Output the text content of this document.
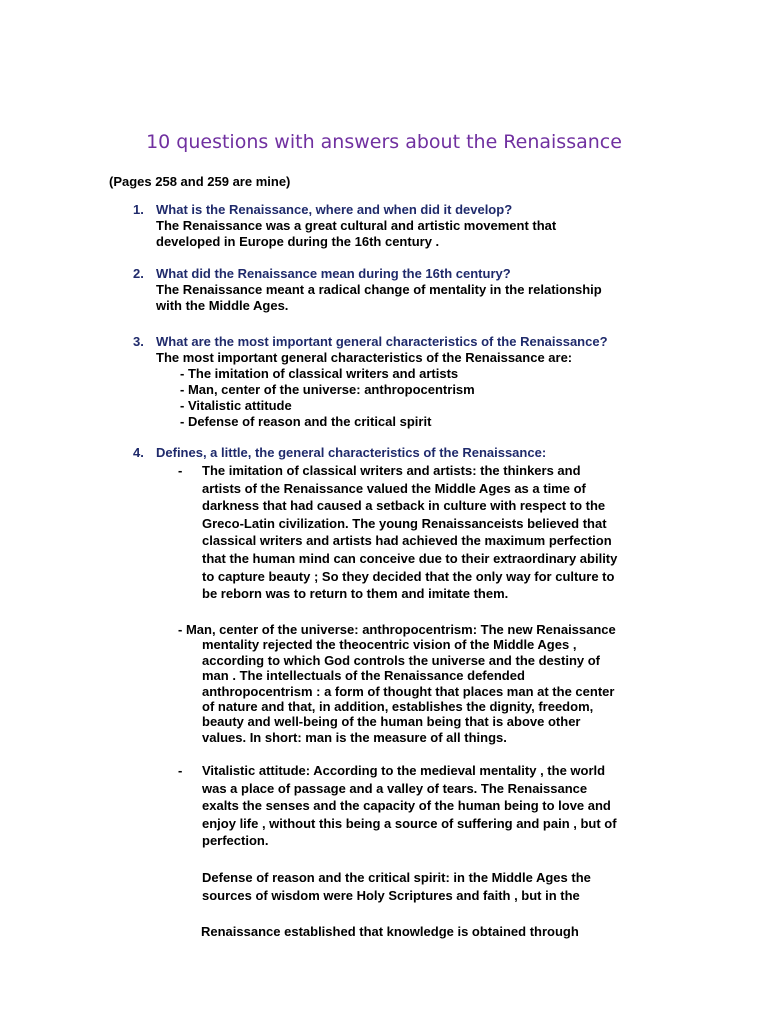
10 questions with answers about the Renaissance
(Pages 258 and 259 are mine)
1. What is the Renaissance, where and when did it develop?
The Renaissance was a great cultural and artistic movement that
developed in Europe during the 16th century .
2. What did the Renaissance mean during the 16th century?
The Renaissance meant a radical change of mentality in the relationship
with the Middle Ages.
3. What are the most important general characteristics of the Renaissance?
The most important general characteristics of the Renaissance are:
- The imitation of classical writers and artists
- Man, center of the universe: anthropocentrism
- Vitalistic attitude
- Defense of reason and the critical spirit
4. Defines, a little, the general characteristics of the Renaissance:
- The imitation of classical writers and artists: the thinkers and
artists of the Renaissance valued the Middle Ages as a time of
darkness that had caused a setback in culture with respect to the
Greco-Latin civilization. The young Renaissanceists believed that
classical writers and artists had achieved the maximum perfection
that the human mind can conceive due to their extraordinary ability
to capture beauty ; So they decided that the only way for culture to
be reborn was to return to them and imitate them.
- Man, center of the universe: anthropocentrism: The new Renaissance
mentality rejected the theocentric vision of the Middle Ages ,
according to which God controls the universe and the destiny of
man . The intellectuals of the Renaissance defended
anthropocentrism : a form of thought that places man at the center
of nature and that, in addition, establishes the dignity, freedom,
beauty and well-being of the human being that is above other
values. In short: man is the measure of all things.
- Vitalistic attitude: According to the medieval mentality , the world
was a place of passage and a valley of tears. The Renaissance
exalts the senses and the capacity of the human being to love and
enjoy life , without this being a source of suffering and pain , but of
perfection.
Defense of reason and the critical spirit: in the Middle Ages the
sources of wisdom were Holy Scriptures and faith , but in the
Renaissance established that knowledge is obtained through
